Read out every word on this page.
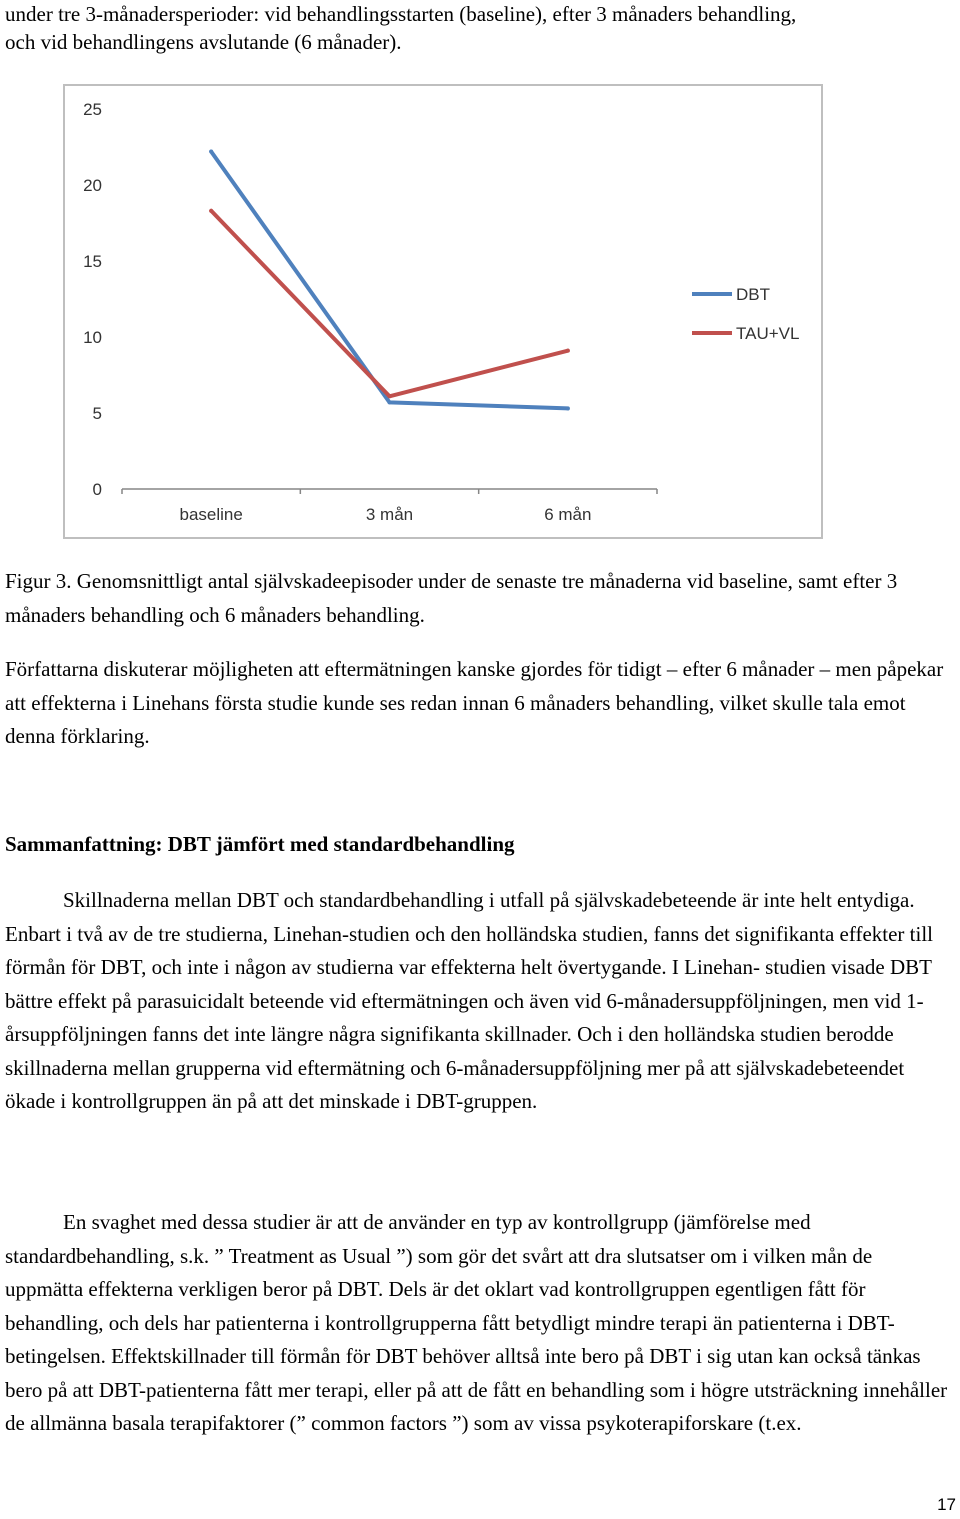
under tre 3-månadersperioder: vid behandlingsstarten (baseline), efter 3 månaders behandling,

och vid behandlingens avslutande (6 månader).

0
5
10
15
20
25
baseline	3 mån	6 mån
DBT
TAU+VL

Figur 3. Genomsnittligt antal självskadeepisoder under de senaste tre månaderna vid baseline, samt efter 3 månaders behandling och 6 månaders behandling.

Författarna diskuterar möjligheten att eftermätningen kanske gjordes för tidigt – efter 6 månader – men påpekar att effekterna i Linehans första studie kunde ses redan innan 6 månaders behandling, vilket skulle tala emot denna förklaring.

Sammanfattning: DBT jämfört med standardbehandling

Skillnaderna mellan DBT och standardbehandling i utfall på självskadebeteende är inte helt entydiga. Enbart i två av de tre studierna, Linehan-studien och den holländska studien, fanns det signifikanta effekter till förmån för DBT, och inte i någon av studierna var effekterna helt övertygande. I Linehan- studien visade DBT bättre effekt på parasuicidalt beteende vid eftermätningen och även vid 6-månadersuppföljningen, men vid 1-årsuppföljningen fanns det inte längre några signifikanta skillnader. Och i den holländska studien berodde skillnaderna mellan grupperna vid eftermätning och 6-månadersuppföljning mer på att självskadebeteendet ökade i kontrollgruppen än på att det minskade i DBT-gruppen.

En svaghet med dessa studier är att de använder en typ av kontrollgrupp (jämförelse med standardbehandling, s.k. ” Treatment as Usual ”) som gör det svårt att dra slutsatser om i vilken mån de uppmätta effekterna verkligen beror på DBT. Dels är det oklart vad kontrollgruppen egentligen fått för behandling, och dels har patienterna i kontrollgrupperna fått betydligt mindre terapi än patienterna i DBT-betingelsen. Effektskillnader till förmån för DBT behöver alltså inte bero på DBT i sig utan kan också tänkas bero på att DBT-patienterna fått mer terapi, eller på att de fått en behandling som i högre utsträckning innehåller de allmänna basala terapifaktorer (” common factors ”) som av vissa psykoterapiforskare (t.ex.

17
